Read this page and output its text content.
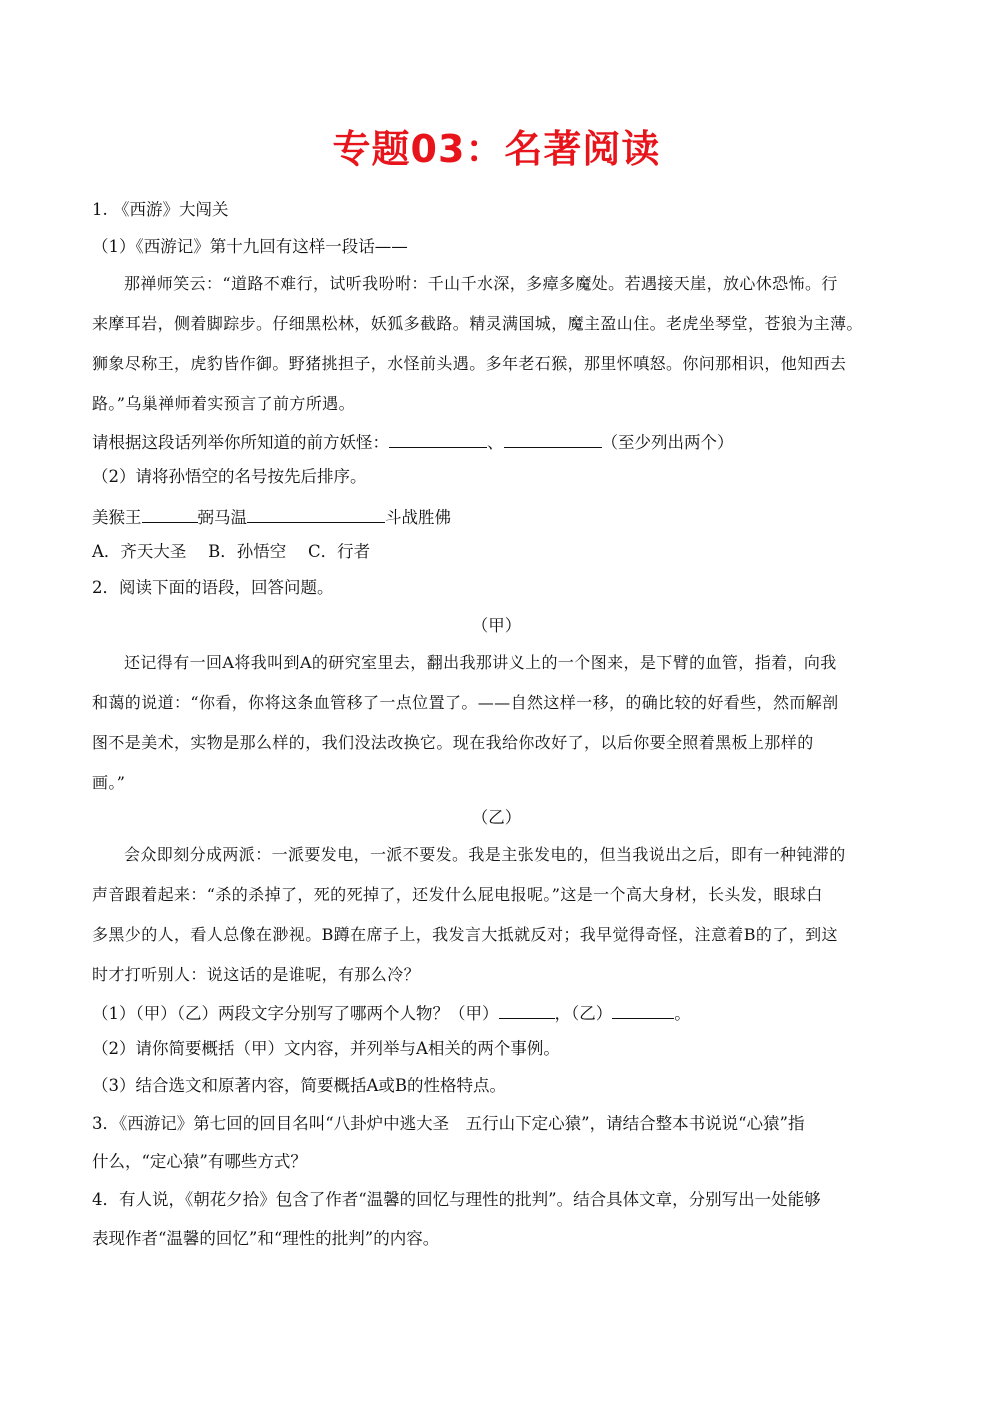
专题03：名著阅读
1. 《西游》大闯关
（1）《西游记》第十九回有这样一段话——
那禅师笑云：“道路不难行，试听我吩咐：千山千水深，多瘴多魔处。若遇接天崖，放心休恐怖。行
来摩耳岩，侧着脚踪步。仔细黑松林，妖狐多截路。精灵满国城，魔主盈山住。老虎坐琴堂，苍狼为主薄。
狮象尽称王，虎豹皆作御。野猪挑担子，水怪前头遇。多年老石猴，那里怀嗔怒。你问那相识，他知西去
路。”乌巢禅师着实预言了前方所遇。
请根据这段话列举你所知道的前方妖怪：	、	（至少列出两个）
（2）请将孙悟空的名号按先后排序。
美猴王	弼马温	斗战胜佛
A．齐天大圣　 B．孙悟空　 C．行者
2．阅读下面的语段，回答问题。
（甲）
还记得有一回A将我叫到A的研究室里去，翻出我那讲义上的一个图来，是下臂的血管，指着，向我
和蔼的说道：“你看，你将这条血管移了一点位置了。——自然这样一移，的确比较的好看些，然而解剖
图不是美术，实物是那么样的，我们没法改换它。现在我给你改好了，以后你要全照着黑板上那样的
画。”
（乙）
会众即刻分成两派：一派要发电，一派不要发。我是主张发电的，但当我说出之后，即有一种钝滞的
声音跟着起来：“杀的杀掉了，死的死掉了，还发什么屁电报呢。”这是一个高大身材，长头发，眼球白
多黑少的人，看人总像在渺视。B蹲在席子上，我发言大抵就反对；我早觉得奇怪，注意着B的了，到这
时才打听别人：说这话的是谁呢，有那么冷？
（1）（甲）（乙）两段文字分别写了哪两个人物？（甲）	，（乙）	。
（2）请你简要概括（甲）文内容，并列举与A相关的两个事例。
（3）结合选文和原著内容，简要概括A或B的性格特点。
3．《西游记》第七回的回目名叫“八卦炉中逃大圣　五行山下定心猿”，请结合整本书说说“心猿”指
什么，“定心猿”有哪些方式？
4．有人说，《朝花夕拾》包含了作者“温馨的回忆与理性的批判”。结合具体文章，分别写出一处能够
表现作者“温馨的回忆”和“理性的批判”的内容。
